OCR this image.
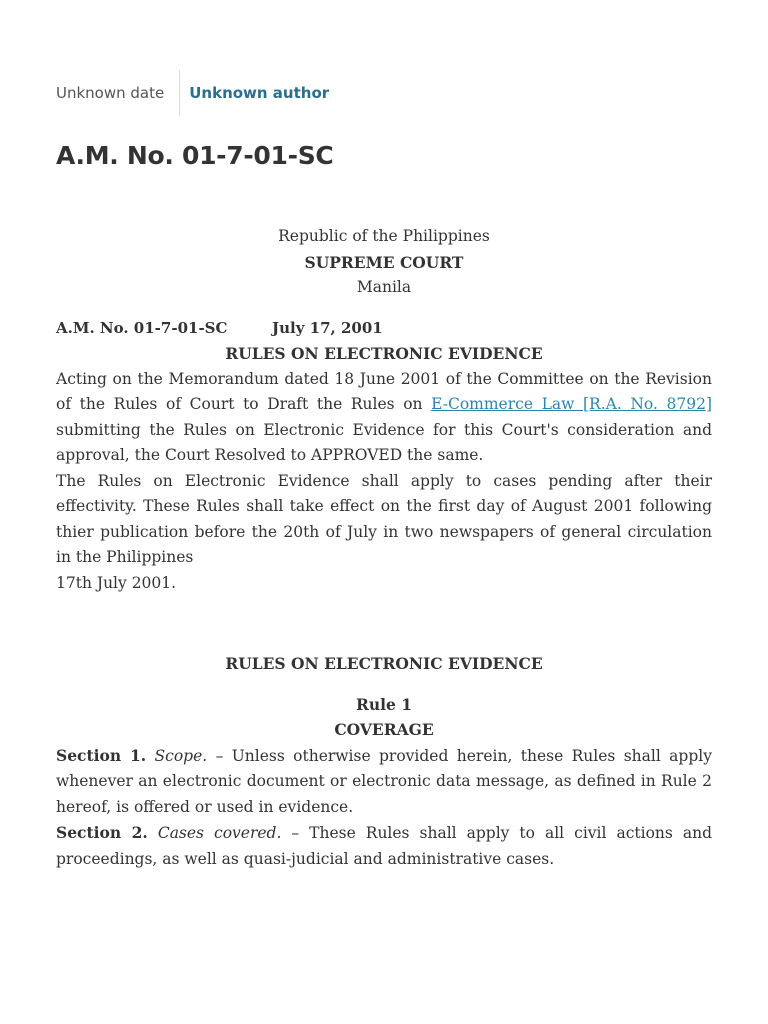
Unknown date	Unknown author
A.M. No. 01-7-01-SC

Republic of the Philippines

SUPREME COURT

Manila

A.M. No. 01-7-01-SC	July 17, 2001

RULES ON ELECTRONIC EVIDENCE

Acting on the Memorandum dated 18 June 2001 of the Committee on the Revision of the Rules of Court to Draft the Rules on E-Commerce Law [R.A. No. 8792] submitting the Rules on Electronic Evidence for this Court's consideration and approval, the Court Resolved to APPROVED the same.

The Rules on Electronic Evidence shall apply to cases pending after their effectivity. These Rules shall take effect on the first day of August 2001 following thier publication before the 20th of July in two newspapers of general circulation in the Philippines

17th July 2001.

RULES ON ELECTRONIC EVIDENCE

Rule 1

COVERAGE

Section 1. Scope. – Unless otherwise provided herein, these Rules shall apply whenever an electronic document or electronic data message, as defined in Rule 2 hereof, is offered or used in evidence.

Section 2. Cases covered. – These Rules shall apply to all civil actions and proceedings, as well as quasi-judicial and administrative cases.
